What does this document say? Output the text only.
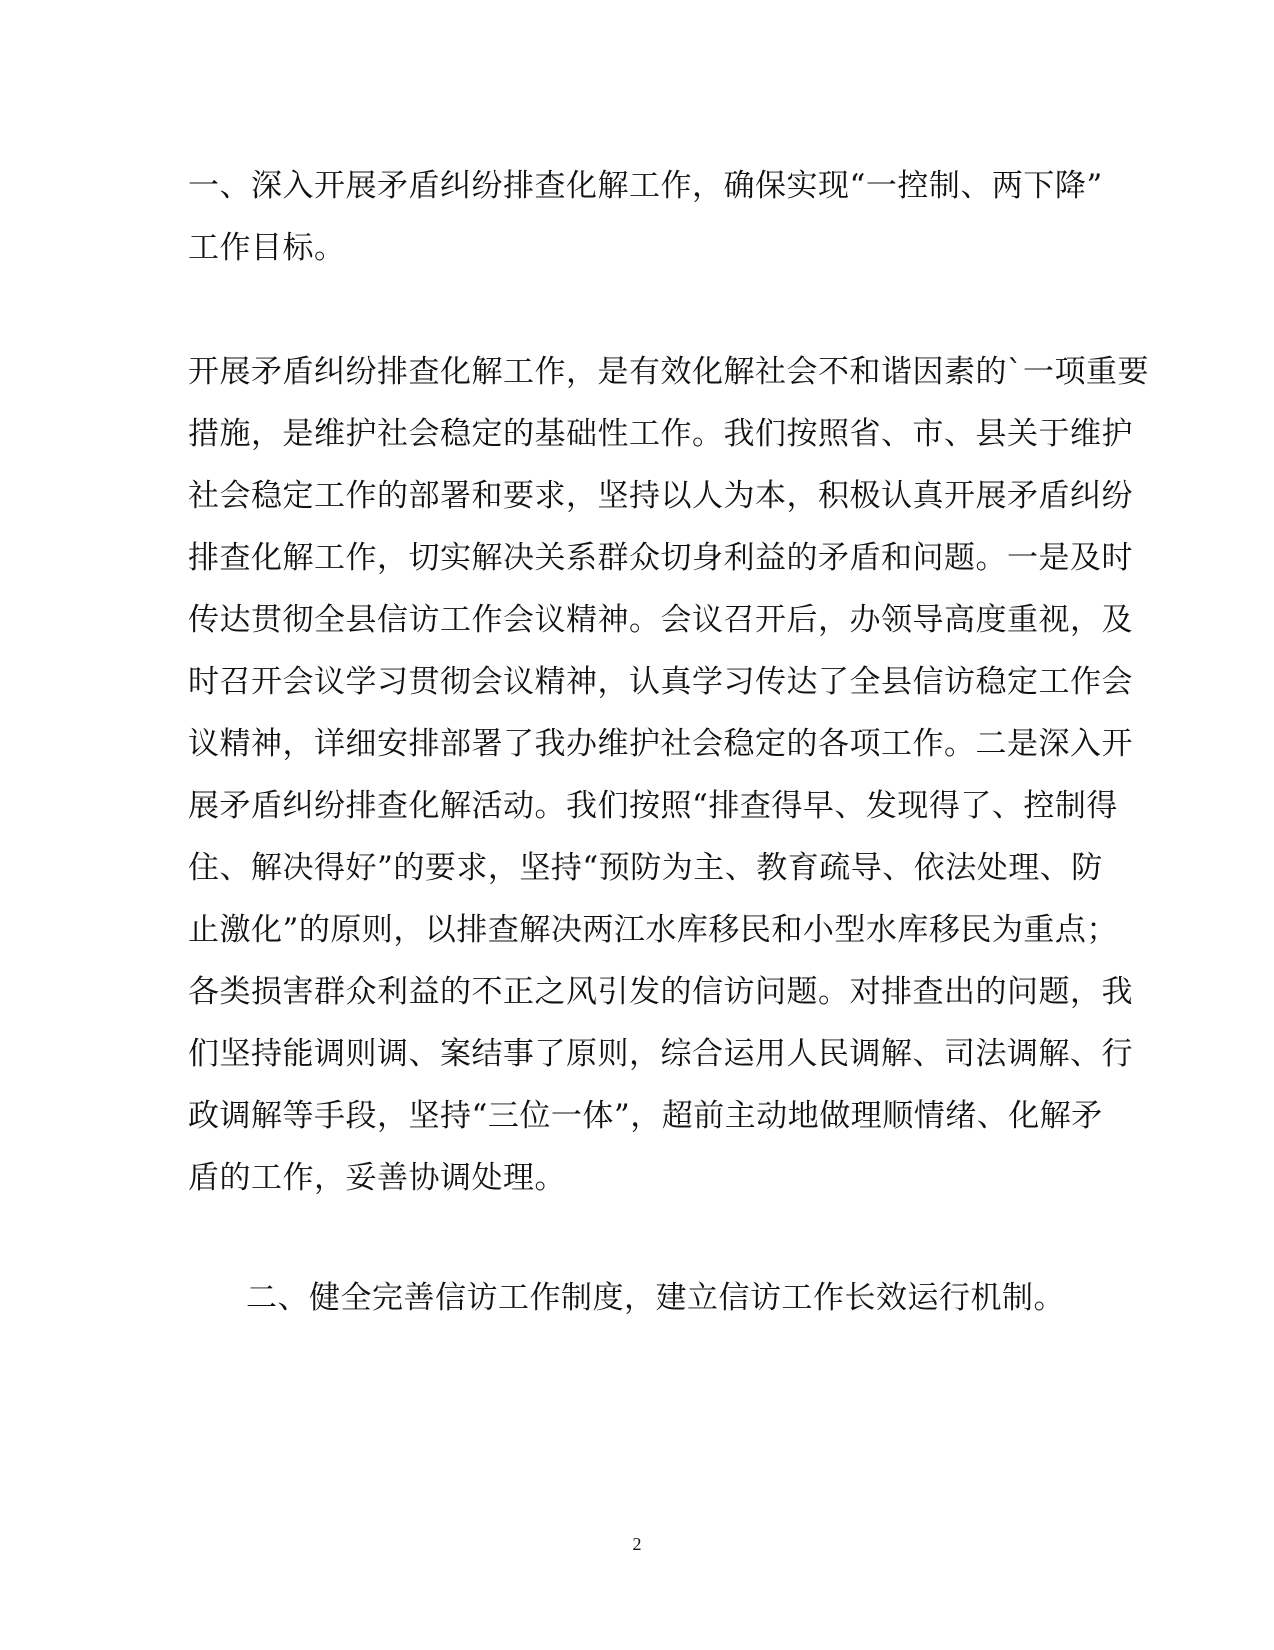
一、深入开展矛盾纠纷排查化解工作，确保实现“一控制、两下降”
工作目标。
开展矛盾纠纷排查化解工作，是有效化解社会不和谐因素的`一项重要
措施，是维护社会稳定的基础性工作。我们按照省、市、县关于维护
社会稳定工作的部署和要求，坚持以人为本，积极认真开展矛盾纠纷
排查化解工作，切实解决关系群众切身利益的矛盾和问题。一是及时
传达贯彻全县信访工作会议精神。会议召开后，办领导高度重视，及
时召开会议学习贯彻会议精神，认真学习传达了全县信访稳定工作会
议精神，详细安排部署了我办维护社会稳定的各项工作。二是深入开
展矛盾纠纷排查化解活动。我们按照“排查得早、发现得了、控制得
住、解决得好”的要求，坚持“预防为主、教育疏导、依法处理、防
止激化”的原则，以排查解决两江水库移民和小型水库移民为重点；
各类损害群众利益的不正之风引发的信访问题。对排查出的问题，我
们坚持能调则调、案结事了原则，综合运用人民调解、司法调解、行
政调解等手段，坚持“三位一体”，超前主动地做理顺情绪、化解矛
盾的工作，妥善协调处理。
二、健全完善信访工作制度，建立信访工作长效运行机制。
2
